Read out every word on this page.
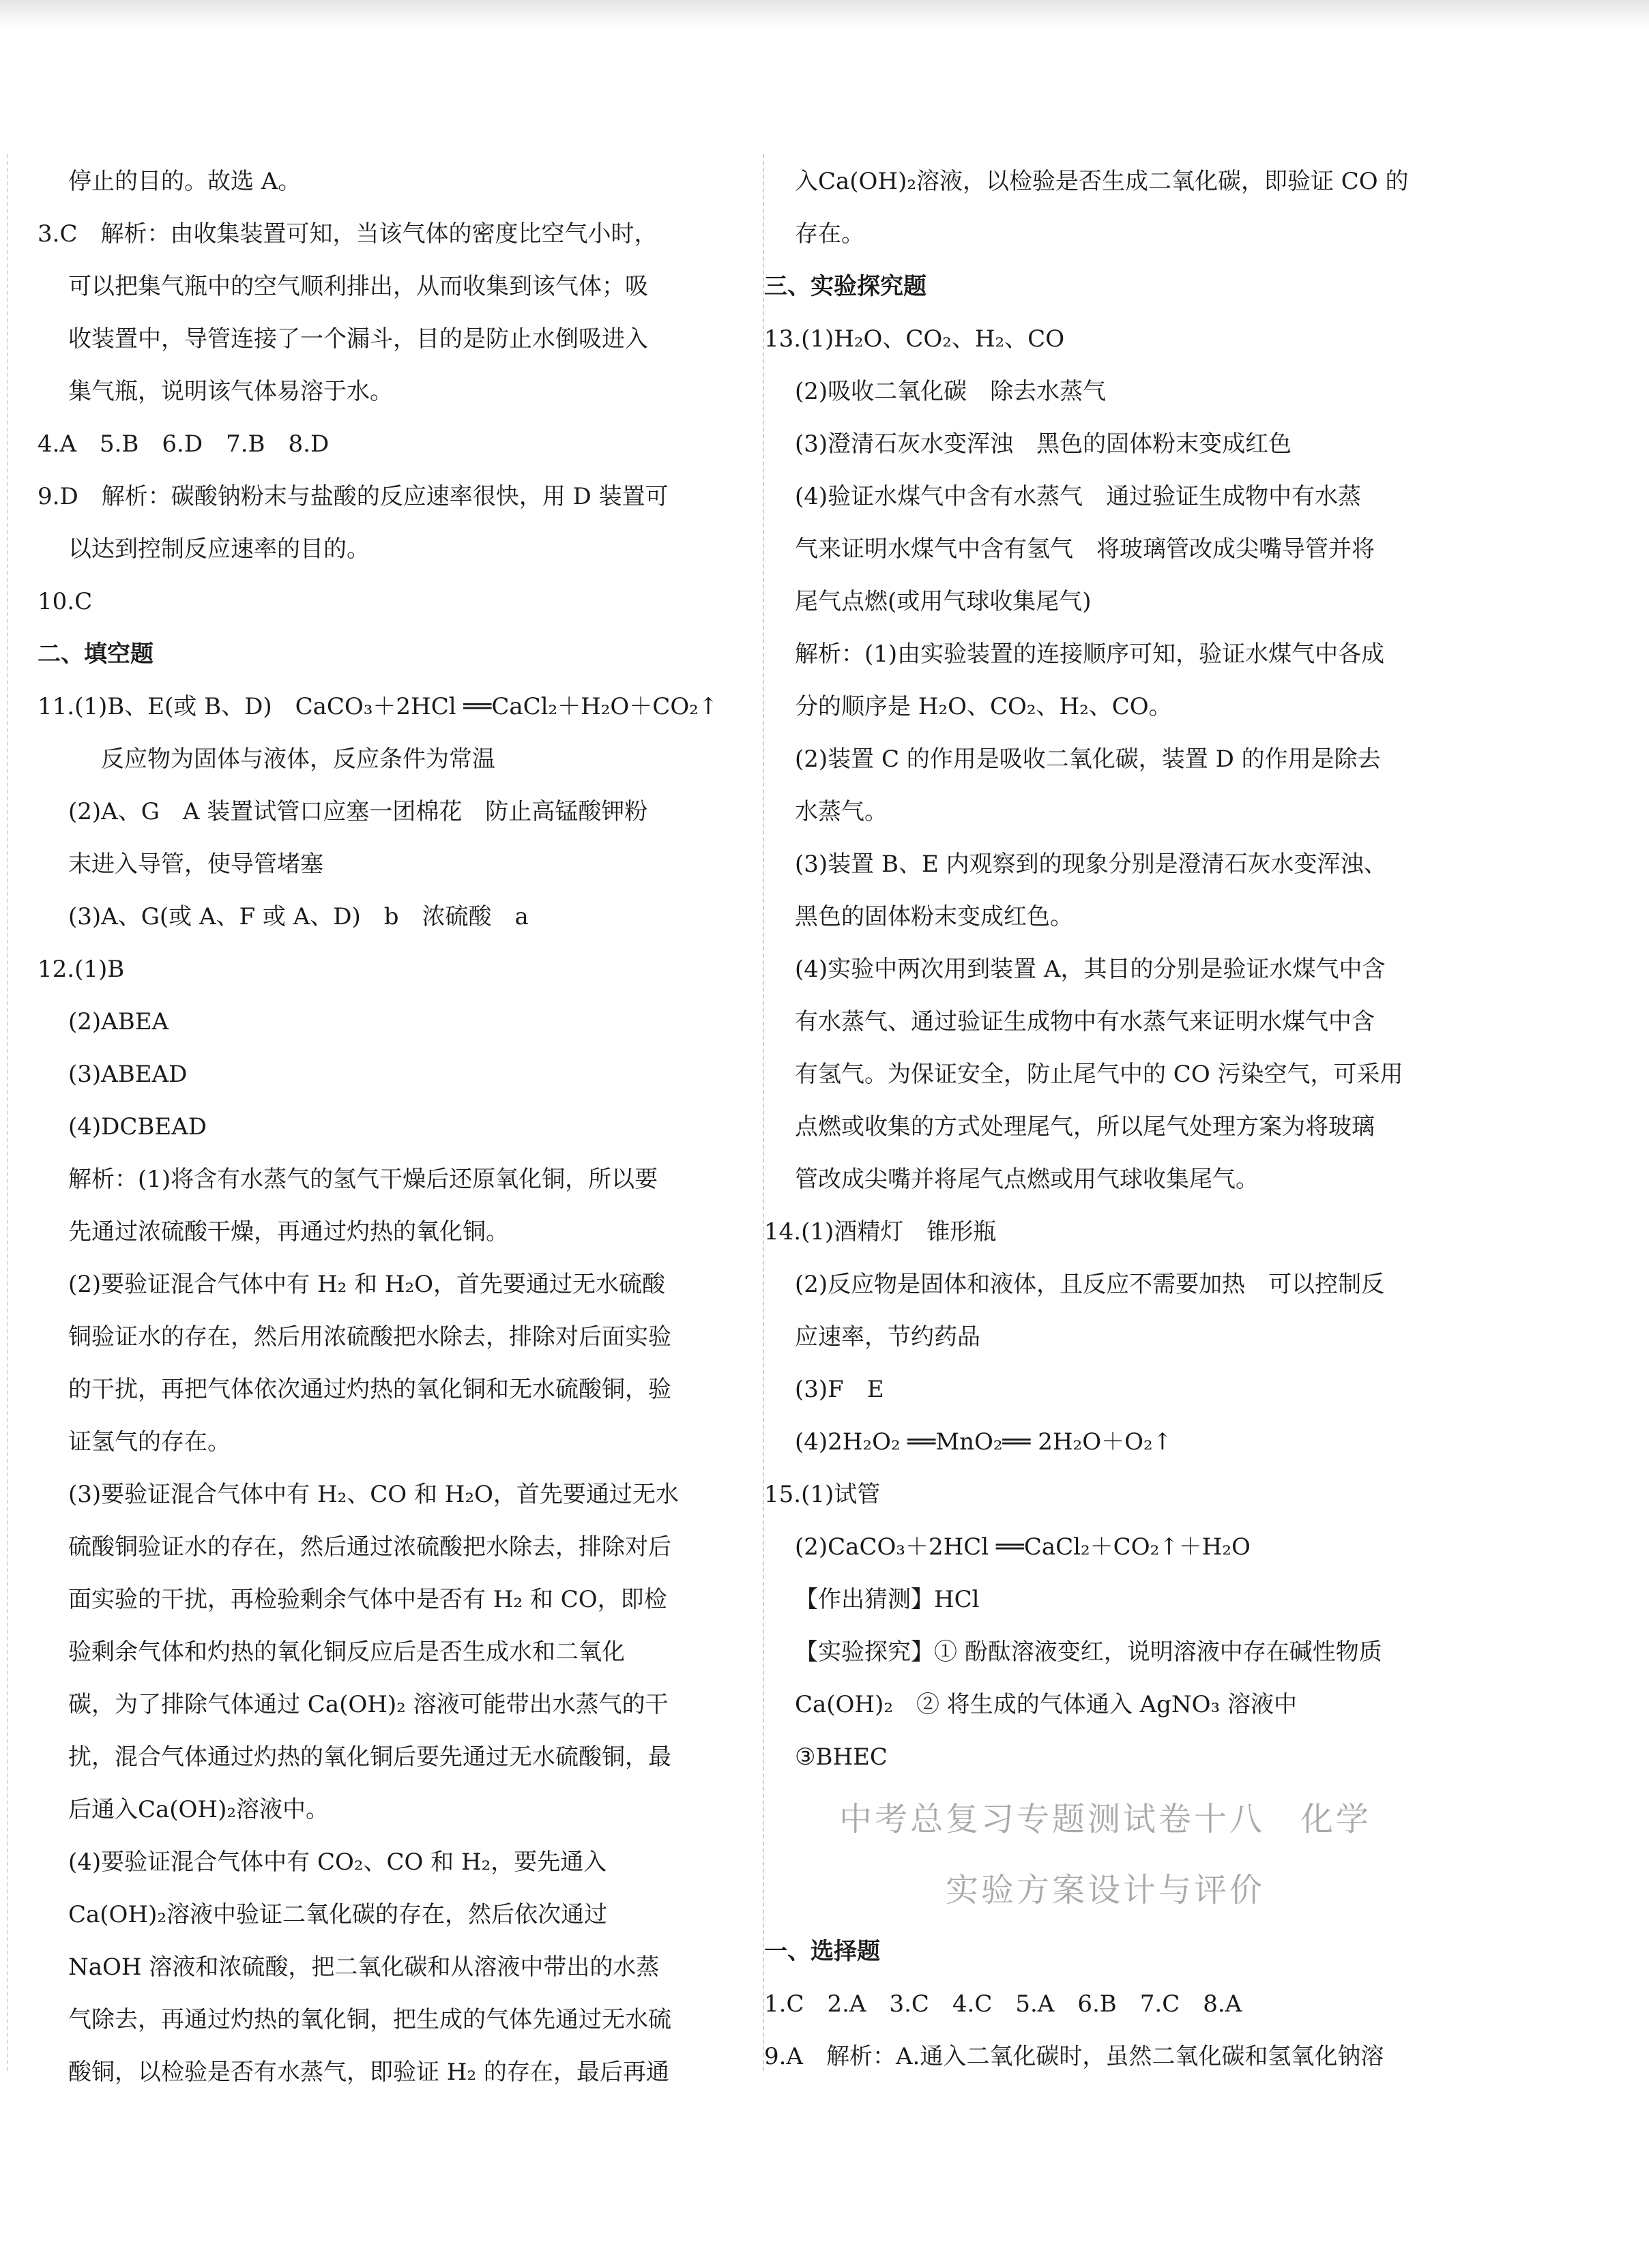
停止的目的。故选 A。
3.C　解析：由收集装置可知，当该气体的密度比空气小时，
可以把集气瓶中的空气顺利排出，从而收集到该气体；吸
收装置中，导管连接了一个漏斗，目的是防止水倒吸进入
集气瓶，说明该气体易溶于水。
4.A　5.B　6.D　7.B　8.D
9.D　解析：碳酸钠粉末与盐酸的反应速率很快，用 D 装置可
以达到控制反应速率的目的。
10.C
二、填空题
11.(1)B、E(或 B、D)　CaCO₃＋2HCl ══CaCl₂＋H₂O＋CO₂↑
反应物为固体与液体，反应条件为常温
(2)A、G　A 装置试管口应塞一团棉花　防止高锰酸钾粉
末进入导管，使导管堵塞
(3)A、G(或 A、F 或 A、D)　b　浓硫酸　a
12.(1)B
(2)ABEA
(3)ABEAD
(4)DCBEAD
解析：(1)将含有水蒸气的氢气干燥后还原氧化铜，所以要
先通过浓硫酸干燥，再通过灼热的氧化铜。
(2)要验证混合气体中有 H₂ 和 H₂O，首先要通过无水硫酸
铜验证水的存在，然后用浓硫酸把水除去，排除对后面实验
的干扰，再把气体依次通过灼热的氧化铜和无水硫酸铜，验
证氢气的存在。
(3)要验证混合气体中有 H₂、CO 和 H₂O，首先要通过无水
硫酸铜验证水的存在，然后通过浓硫酸把水除去，排除对后
面实验的干扰，再检验剩余气体中是否有 H₂ 和 CO，即检
验剩余气体和灼热的氧化铜反应后是否生成水和二氧化
碳，为了排除气体通过 Ca(OH)₂ 溶液可能带出水蒸气的干
扰，混合气体通过灼热的氧化铜后要先通过无水硫酸铜，最
后通入Ca(OH)₂溶液中。
(4)要验证混合气体中有 CO₂、CO 和 H₂，要先通入
Ca(OH)₂溶液中验证二氧化碳的存在，然后依次通过
NaOH 溶液和浓硫酸，把二氧化碳和从溶液中带出的水蒸
气除去，再通过灼热的氧化铜，把生成的气体先通过无水硫
酸铜，以检验是否有水蒸气，即验证 H₂ 的存在，最后再通
入Ca(OH)₂溶液，以检验是否生成二氧化碳，即验证 CO 的
存在。
三、实验探究题
13.(1)H₂O、CO₂、H₂、CO
(2)吸收二氧化碳　除去水蒸气
(3)澄清石灰水变浑浊　黑色的固体粉末变成红色
(4)验证水煤气中含有水蒸气　通过验证生成物中有水蒸
气来证明水煤气中含有氢气　将玻璃管改成尖嘴导管并将
尾气点燃(或用气球收集尾气)
解析：(1)由实验装置的连接顺序可知，验证水煤气中各成
分的顺序是 H₂O、CO₂、H₂、CO。
(2)装置 C 的作用是吸收二氧化碳，装置 D 的作用是除去
水蒸气。
(3)装置 B、E 内观察到的现象分别是澄清石灰水变浑浊、
黑色的固体粉末变成红色。
(4)实验中两次用到装置 A，其目的分别是验证水煤气中含
有水蒸气、通过验证生成物中有水蒸气来证明水煤气中含
有氢气。为保证安全，防止尾气中的 CO 污染空气，可采用
点燃或收集的方式处理尾气，所以尾气处理方案为将玻璃
管改成尖嘴并将尾气点燃或用气球收集尾气。
14.(1)酒精灯　锥形瓶
(2)反应物是固体和液体，且反应不需要加热　可以控制反
应速率，节约药品
(3)F　E
(4)2H₂O₂ ══MnO₂══ 2H₂O＋O₂↑
15.(1)试管
(2)CaCO₃＋2HCl ══CaCl₂＋CO₂↑＋H₂O
【作出猜测】HCl
【实验探究】① 酚酞溶液变红，说明溶液中存在碱性物质
Ca(OH)₂　② 将生成的气体通入 AgNO₃ 溶液中
③BHEC
中考总复习专题测试卷十八　化学
实验方案设计与评价
一、选择题
1.C　2.A　3.C　4.C　5.A　6.B　7.C　8.A
9.A　解析：A.通入二氧化碳时，虽然二氧化碳和氢氧化钠溶
